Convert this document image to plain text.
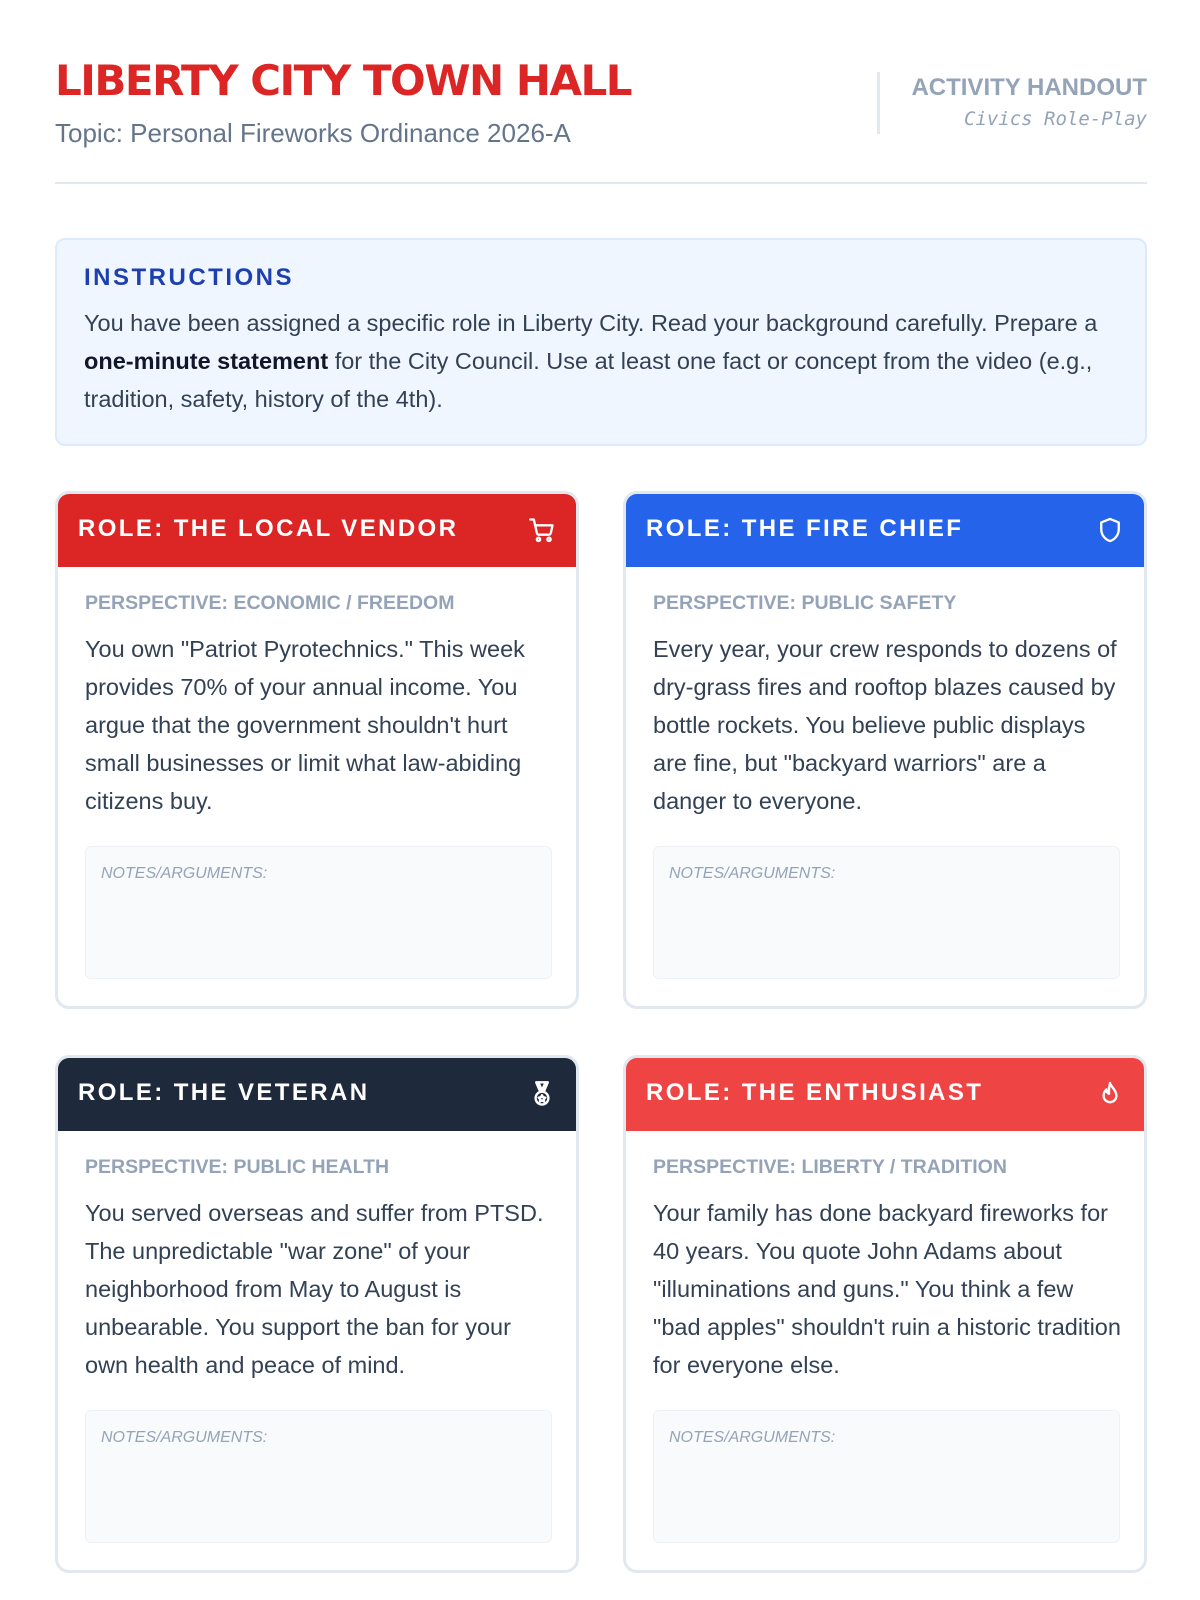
LIBERTY CITY TOWN HALL
Topic: Personal Fireworks Ordinance 2026-A
ACTIVITY HANDOUT
Civics Role-Play
INSTRUCTIONS
You have been assigned a specific role in Liberty City. Read your background carefully. Prepare a one-minute statement for the City Council. Use at least one fact or concept from the video (e.g., tradition, safety, history of the 4th).
ROLE: THE LOCAL VENDOR
PERSPECTIVE: ECONOMIC / FREEDOM
You own "Patriot Pyrotechnics." This week provides 70% of your annual income. You argue that the government shouldn't hurt small businesses or limit what law-abiding citizens buy.
NOTES/ARGUMENTS:
ROLE: THE FIRE CHIEF
PERSPECTIVE: PUBLIC SAFETY
Every year, your crew responds to dozens of dry-grass fires and rooftop blazes caused by bottle rockets. You believe public displays are fine, but "backyard warriors" are a danger to everyone.
NOTES/ARGUMENTS:
ROLE: THE VETERAN
PERSPECTIVE: PUBLIC HEALTH
You served overseas and suffer from PTSD. The unpredictable "war zone" of your neighborhood from May to August is unbearable. You support the ban for your own health and peace of mind.
NOTES/ARGUMENTS:
ROLE: THE ENTHUSIAST
PERSPECTIVE: LIBERTY / TRADITION
Your family has done backyard fireworks for 40 years. You quote John Adams about "illuminations and guns." You think a few "bad apples" shouldn't ruin a historic tradition for everyone else.
NOTES/ARGUMENTS:
